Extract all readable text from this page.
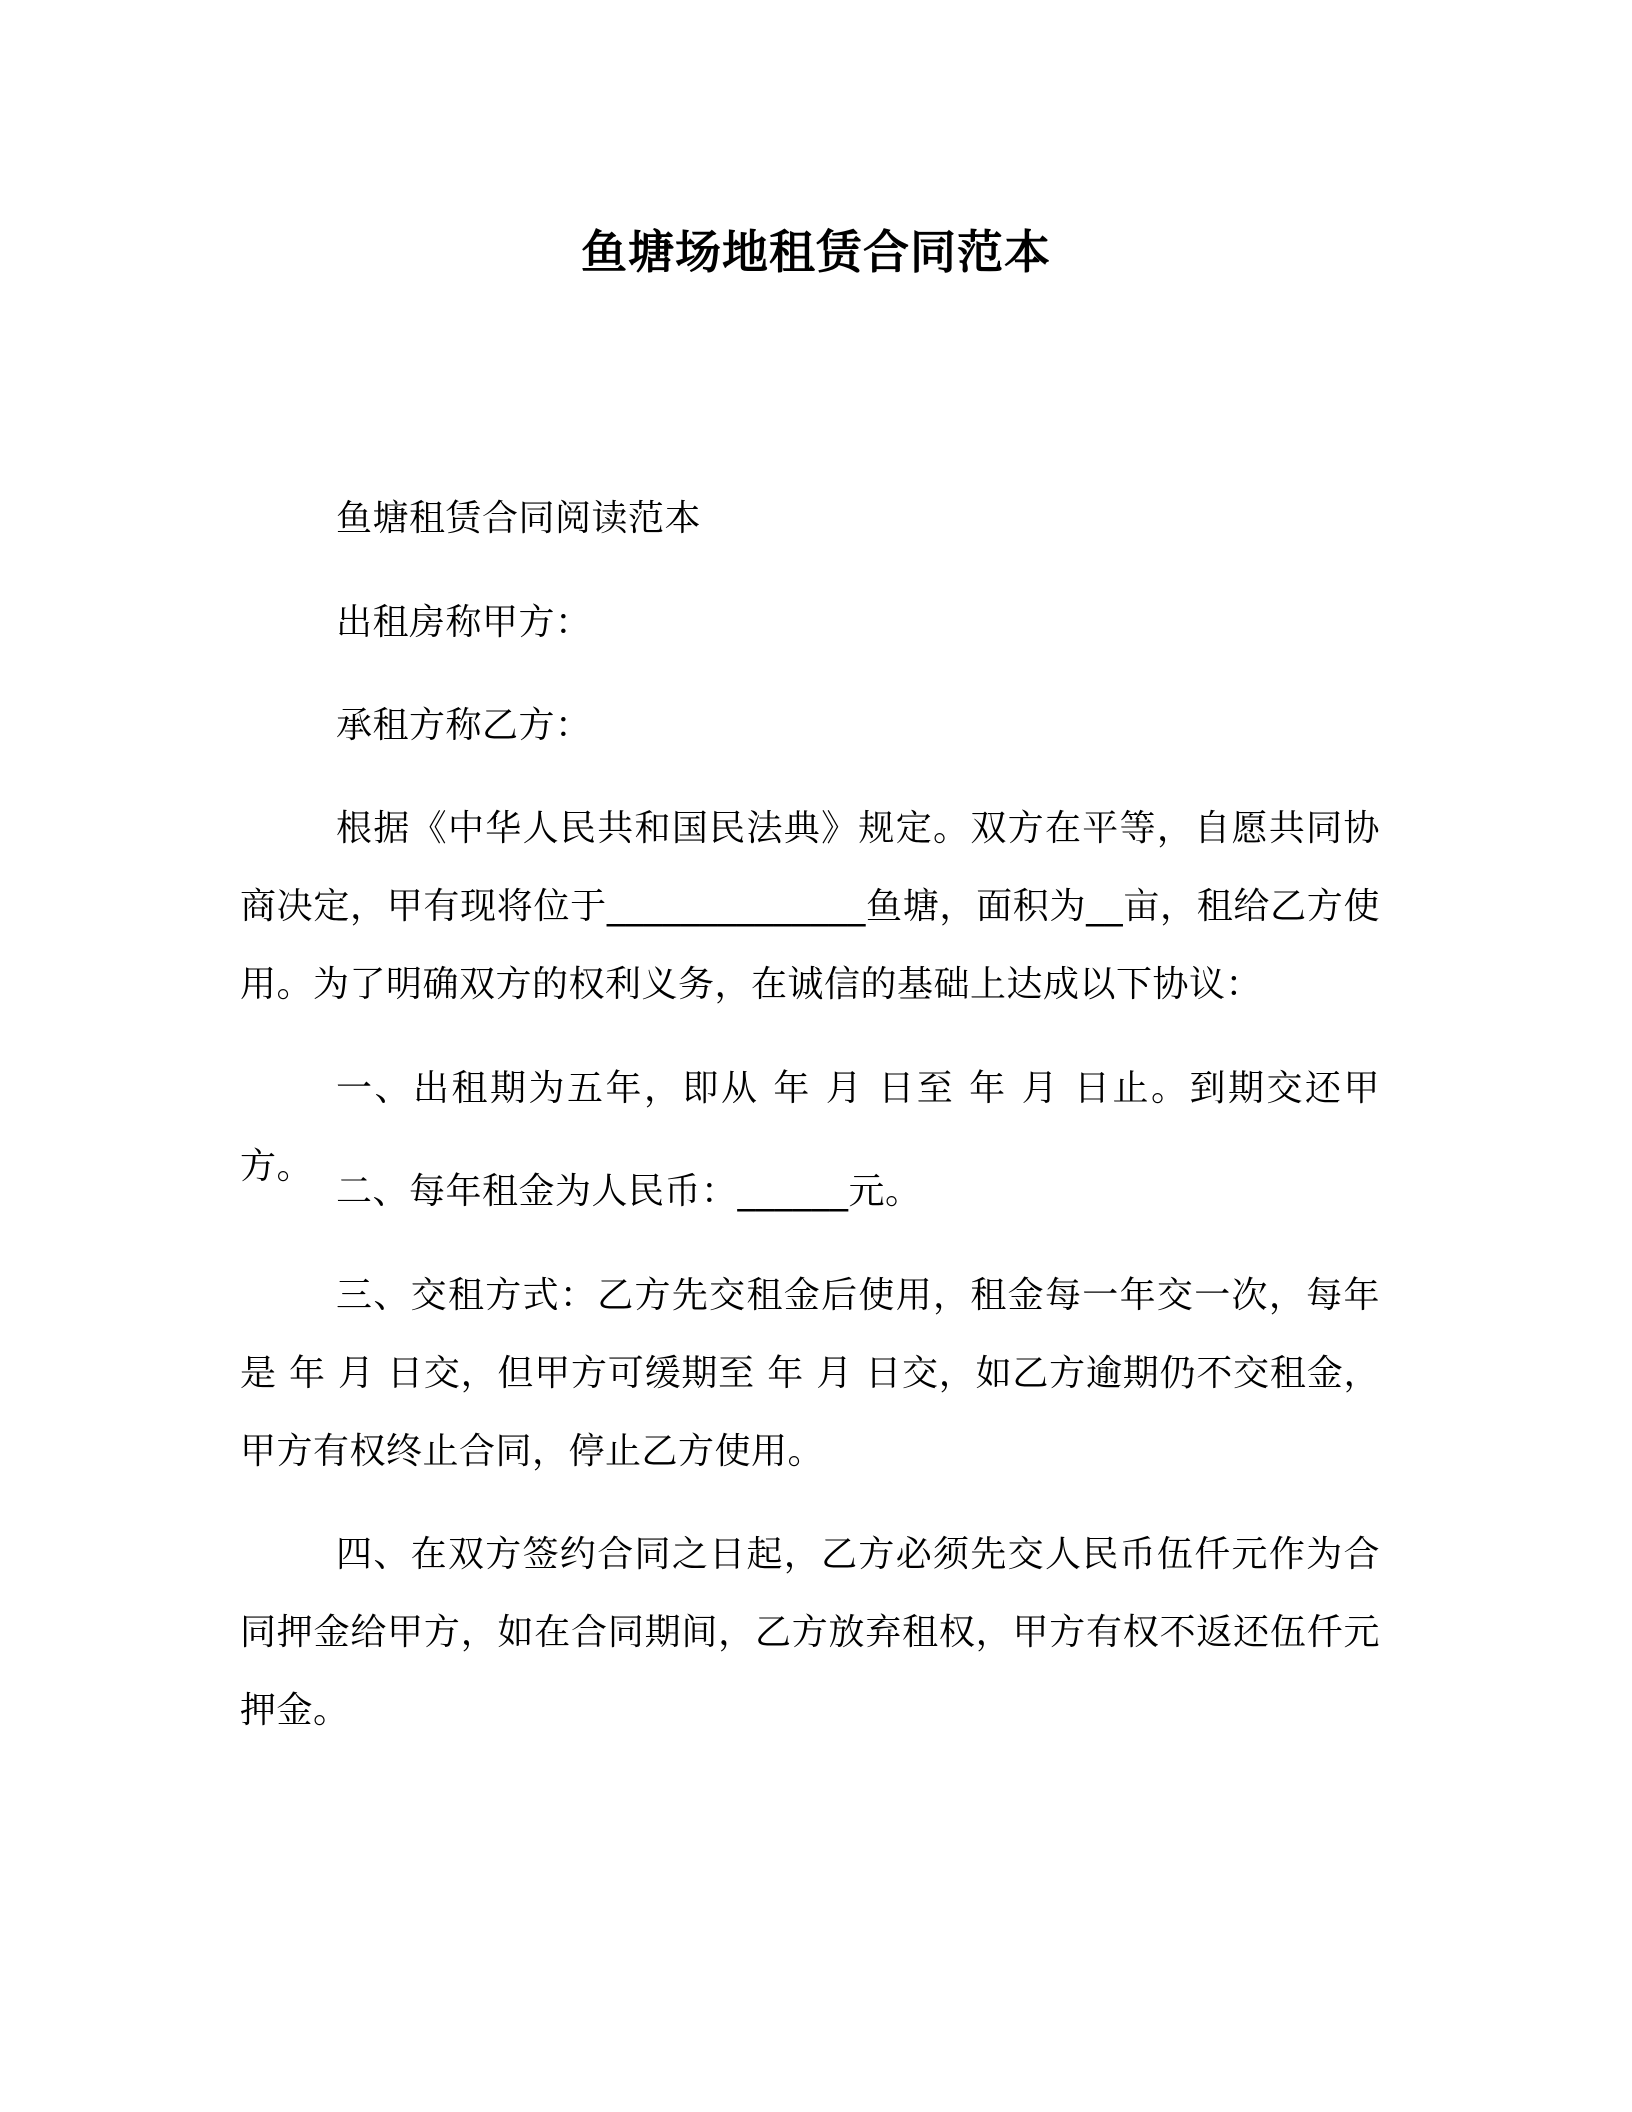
鱼塘场地租赁合同范本

鱼塘租赁合同阅读范本

出租房称甲方：

承租方称乙方：

根据《中华人民共和国民法典》规定。双方在平等，自愿共同协商决定，甲有现将位于______________鱼塘，面积为__亩，租给乙方使用。为了明确双方的权利义务，在诚信的基础上达成以下协议：

一、出租期为五年，即从 年 月 日至 年 月 日止。到期交还甲方。

二、每年租金为人民币：______元。

三、交租方式：乙方先交租金后使用，租金每一年交一次，每年是 年 月 日交，但甲方可缓期至 年 月 日交，如乙方逾期仍不交租金，甲方有权终止合同，停止乙方使用。

四、在双方签约合同之日起，乙方必须先交人民币伍仟元作为合同押金给甲方，如在合同期间，乙方放弃租权，甲方有权不返还伍仟元押金。
